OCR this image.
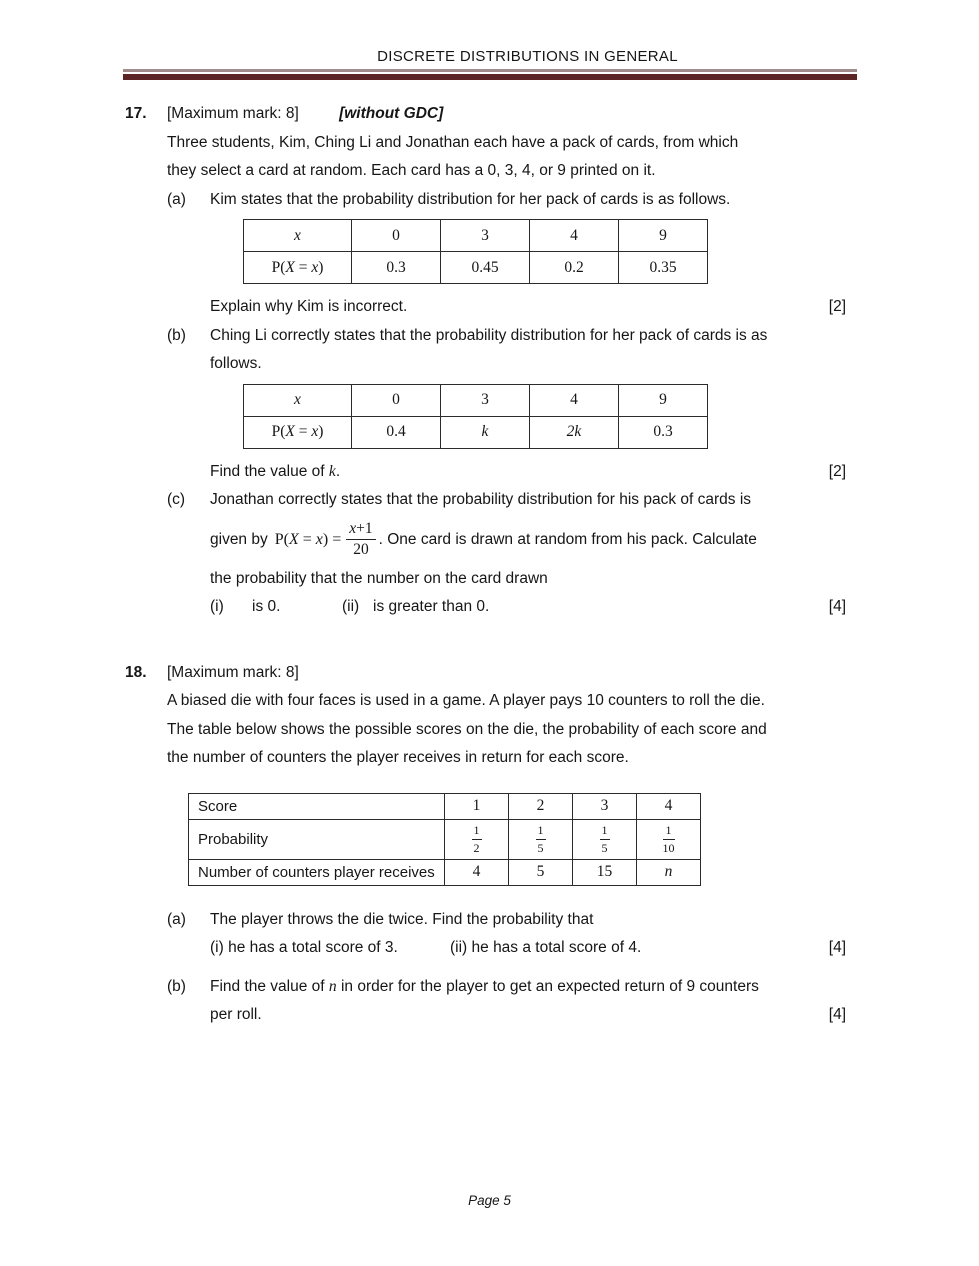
DISCRETE DISTRIBUTIONS IN GENERAL
17. [Maximum mark: 8]	[without GDC]

Three students, Kim, Ching Li and Jonathan each have a pack of cards, from which

they select a card at random. Each card has a 0, 3, 4, or 9 printed on it.

(a) Kim states that the probability distribution for her pack of cards is as follows.

x	0	3	4	9
P(X = x)	0.3	0.45	0.2	0.35
Explain why Kim is incorrect.	[2]
(b) Ching Li correctly states that the probability distribution for her pack of cards is as

follows.

x	0	3	4	9
P(X = x)	0.4	k	2k	0.3
Find the value of k.	[2]
(c) Jonathan correctly states that the probability distribution for his pack of cards is

given by $P(X = x) = \frac{x+1}{20}$ . One card is drawn at random from his pack. Calculate

the probability that the number on the card drawn

(i) is 0.	(ii) is greater than 0.	[4]
18. [Maximum mark: 8]

A biased die with four faces is used in a game. A player pays 10 counters to roll the die.

The table below shows the possible scores on the die, the probability of each score and

the number of counters the player receives in return for each score.

Score	1	2	3	4
Probability	$\frac{1}{2}$	$\frac{1}{5}$	$\frac{1}{5}$	$\frac{1}{10}$

Number of counters player receives	4	5	15	n
(a) The player throws the die twice. Find the probability that

(i) he has a total score of 3.	(ii) he has a total score of 4.	[4]
(b) Find the value of n in order for the player to get an expected return of 9 counters

per roll.	[4]
Page 5
